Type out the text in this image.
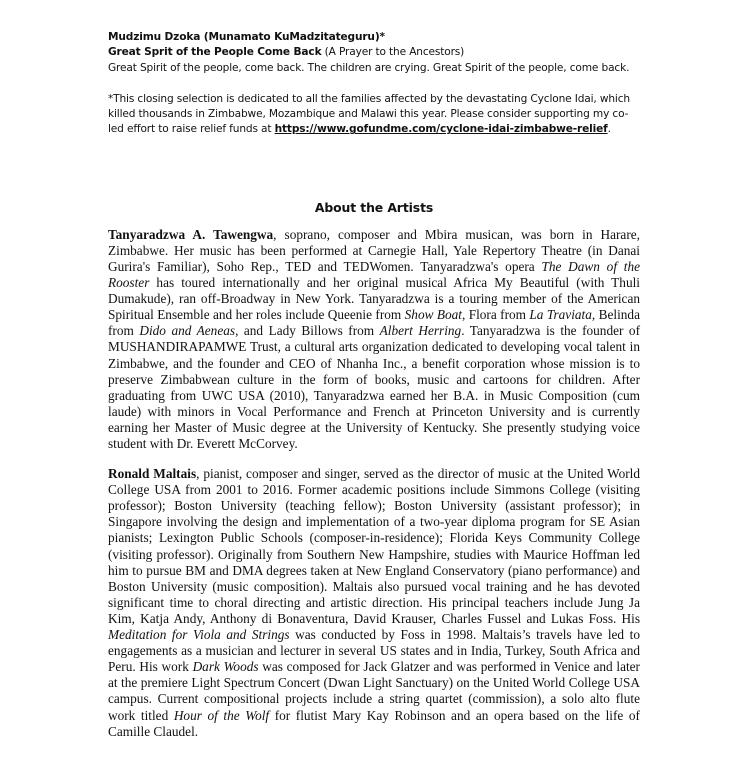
Mudzimu Dzoka (Munamato KuMadzitateguru)*
Great Sprit of the People Come Back (A Prayer to the Ancestors)
Great Spirit of the people, come back. The children are crying. Great Spirit of the people, come back.
*This closing selection is dedicated to all the families affected by the devastating Cyclone Idai, which killed thousands in Zimbabwe, Mozambique and Malawi this year. Please consider supporting my co-led effort to raise relief funds at https://www.gofundme.com/cyclone-idai-zimbabwe-relief.
About the Artists

Tanyaradzwa A. Tawengwa, soprano, composer and Mbira musican, was born in Harare, Zimbabwe. Her music has been performed at Carnegie Hall, Yale Repertory Theatre (in Danai Gurira's Familiar), Soho Rep., TED and TEDWomen. Tanyaradzwa's opera The Dawn of the Rooster has toured internationally and her original musical Africa My Beautiful (with Thuli Dumakude), ran off-Broadway in New York. Tanyaradzwa is a touring member of the American Spiritual Ensemble and her roles include Queenie from Show Boat, Flora from La Traviata, Belinda from Dido and Aeneas, and Lady Billows from Albert Herring. Tanyaradzwa is the founder of MUSHANDIRAPAMWE Trust, a cultural arts organization dedicated to developing vocal talent in Zimbabwe, and the founder and CEO of Nhanha Inc., a benefit corporation whose mission is to preserve Zimbabwean culture in the form of books, music and cartoons for children. After graduating from UWC USA (2010), Tanyaradzwa earned her B.A. in Music Composition (cum laude) with minors in Vocal Performance and French at Princeton University and is currently earning her Master of Music degree at the University of Kentucky. She presently studying voice student with Dr. Everett McCorvey.

Ronald Maltais, pianist, composer and singer, served as the director of music at the United World College USA from 2001 to 2016. Former academic positions include Simmons College (visiting professor); Boston University (teaching fellow); Boston University (assistant professor); in Singapore involving the design and implementation of a two-year diploma program for SE Asian pianists; Lexington Public Schools (composer-in-residence); Florida Keys Community College (visiting professor). Originally from Southern New Hampshire, studies with Maurice Hoffman led him to pursue BM and DMA degrees taken at New England Conservatory (piano performance) and Boston University (music composition). Maltais also pursued vocal training and he has devoted significant time to choral directing and artistic direction. His principal teachers include Jung Ja Kim, Katja Andy, Anthony di Bonaventura, David Krauser, Charles Fussel and Lukas Foss. His Meditation for Viola and Strings was conducted by Foss in 1998. Maltais’s travels have led to engagements as a musician and lecturer in several US states and in India, Turkey, South Africa and Peru. His work Dark Woods was composed for Jack Glatzer and was performed in Venice and later at the premiere Light Spectrum Concert (Dwan Light Sanctuary) on the United World College USA campus. Current compositional projects include a string quartet (commission), a solo alto flute work titled Hour of the Wolf for flutist Mary Kay Robinson and an opera based on the life of Camille Claudel.
